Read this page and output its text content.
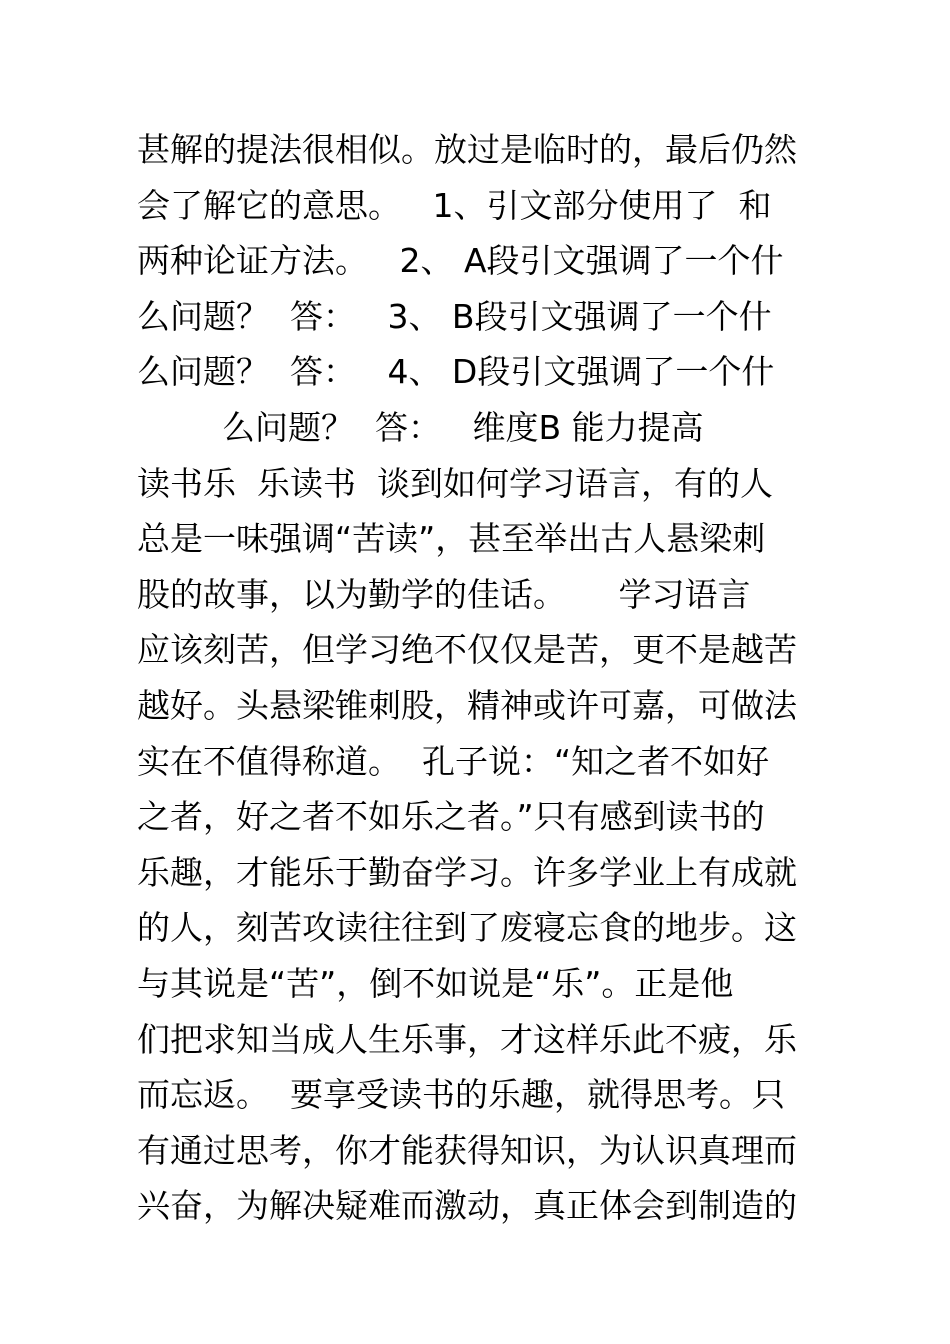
甚解的提法很相似。放过是临时的，最后仍然
会了解它的意思。   1、引文部分使用了  和
两种论证方法。   2、 A段引文强调了一个什
么问题？  答：   3、 B段引文强调了一个什
么问题？  答：   4、 D段引文强调了一个什
么问题？  答：   维度B 能力提高
读书乐  乐读书  谈到如何学习语言，有的人
总是一味强调“苦读”，甚至举出古人悬梁刺
股的故事，以为勤学的佳话。     学习语言
应该刻苦，但学习绝不仅仅是苦，更不是越苦
越好。头悬梁锥刺股，精神或许可嘉，可做法
实在不值得称道。  孔子说：“知之者不如好
之者，好之者不如乐之者。”只有感到读书的
乐趣，才能乐于勤奋学习。许多学业上有成就
的人，刻苦攻读往往到了废寝忘食的地步。这
与其说是“苦”，倒不如说是“乐”。正是他
们把求知当成人生乐事，才这样乐此不疲，乐
而忘返。  要享受读书的乐趣，就得思考。只
有通过思考，你才能获得知识，为认识真理而
兴奋，为解决疑难而激动，真正体会到制造的
